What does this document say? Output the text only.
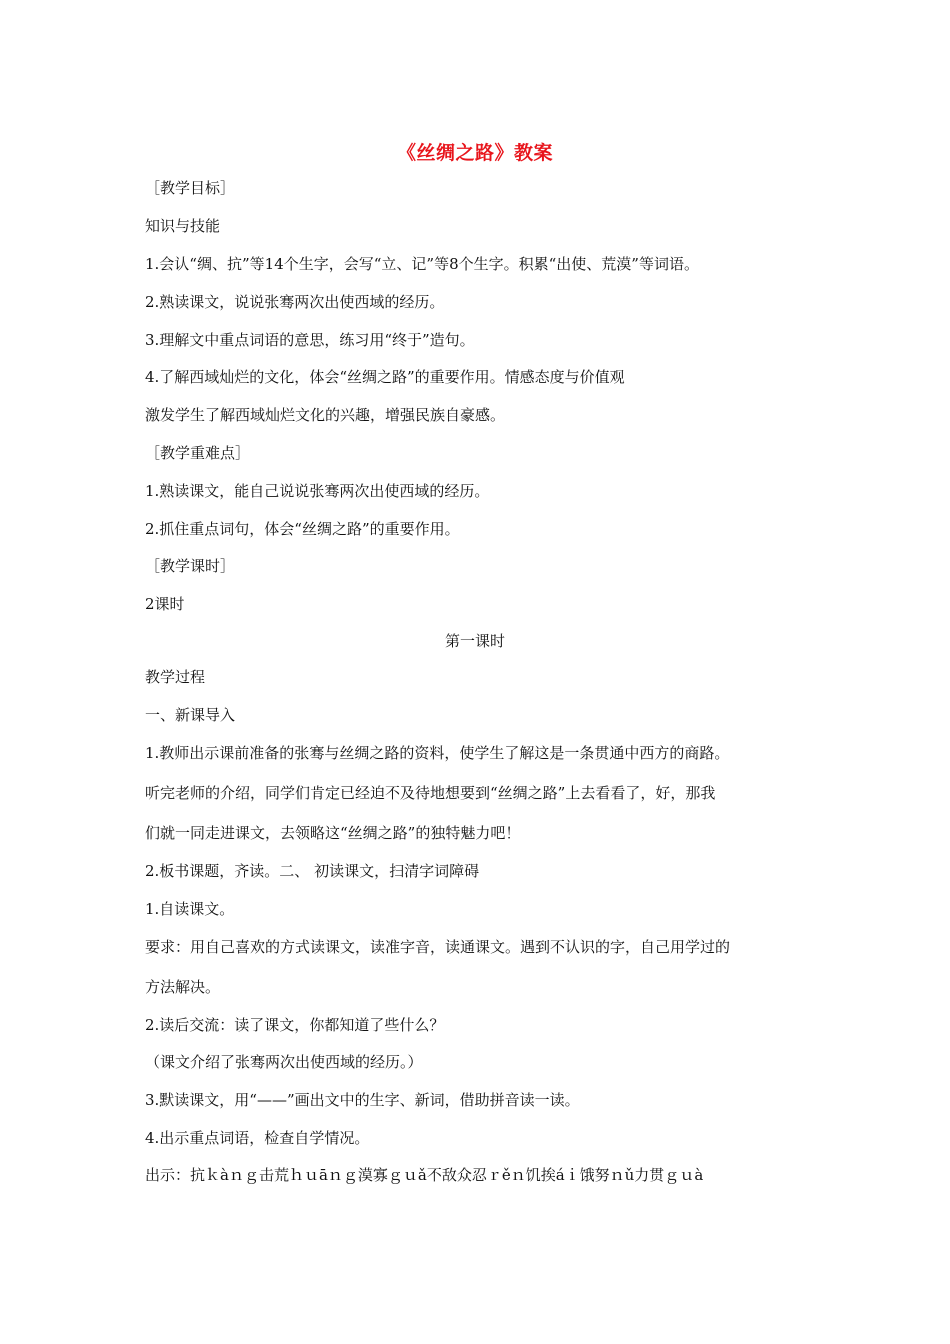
《丝绸之路》教案
［教学目标］
知识与技能
1.会认“绸、抗”等14个生字，会写“立、记”等8个生字。积累“出使、荒漠”等词语。
2.熟读课文，说说张骞两次出使西域的经历。
3.理解文中重点词语的意思，练习用“终于”造句。
4.了解西域灿烂的文化，体会“丝绸之路”的重要作用。情感态度与价值观
激发学生了解西域灿烂文化的兴趣，增强民族自豪感。
［教学重难点］
1.熟读课文，能自己说说张骞两次出使西域的经历。
2.抓住重点词句，体会“丝绸之路”的重要作用。
［教学课时］
2课时
第一课时
教学过程
一、新课导入
1.教师出示课前准备的张骞与丝绸之路的资料，使学生了解这是一条贯通中西方的商路。
听完老师的介绍，同学们肯定已经迫不及待地想要到“丝绸之路”上去看看了，好，那我
们就一同走进课文，去领略这“丝绸之路”的独特魅力吧！
2.板书课题，齐读。二、 初读课文，扫清字词障碍
1.自读课文。
要求：用自己喜欢的方式读课文，读准字音，读通课文。遇到不认识的字，自己用学过的
方法解决。
2.读后交流：读了课文，你都知道了些什么？
（课文介绍了张骞两次出使西域的经历。）
3.默读课文，用“——”画出文中的生字、新词，借助拼音读一读。
4.出示重点词语，检查自学情况。
出示：抗ｋàｎｇ击荒ｈｕāｎｇ漠寡ｇｕǎ不敌众忍ｒěｎ饥挨áｉ饿努ｎǔ力贯ｇｕà
